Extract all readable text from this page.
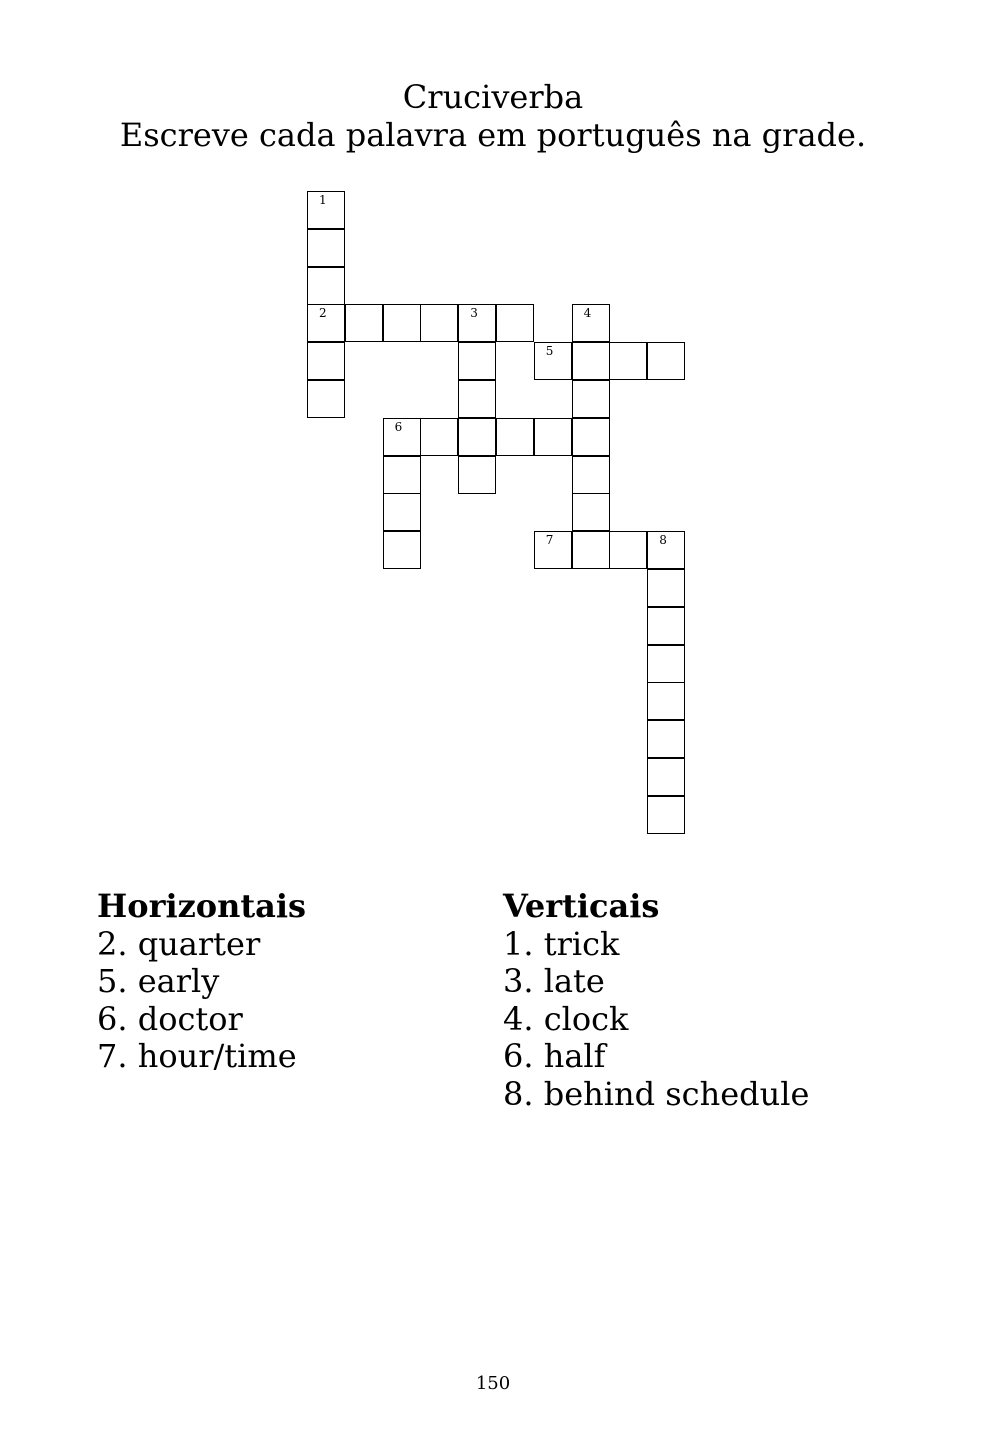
Cruciverba
Escreve cada palavra em português na grade.
1
2	3	4
5
6
7	8
Horizontais
2. quarter
5. early
6. doctor
7. hour/time
Verticais
1. trick
3. late
4. clock
6. half
8. behind schedule
150
